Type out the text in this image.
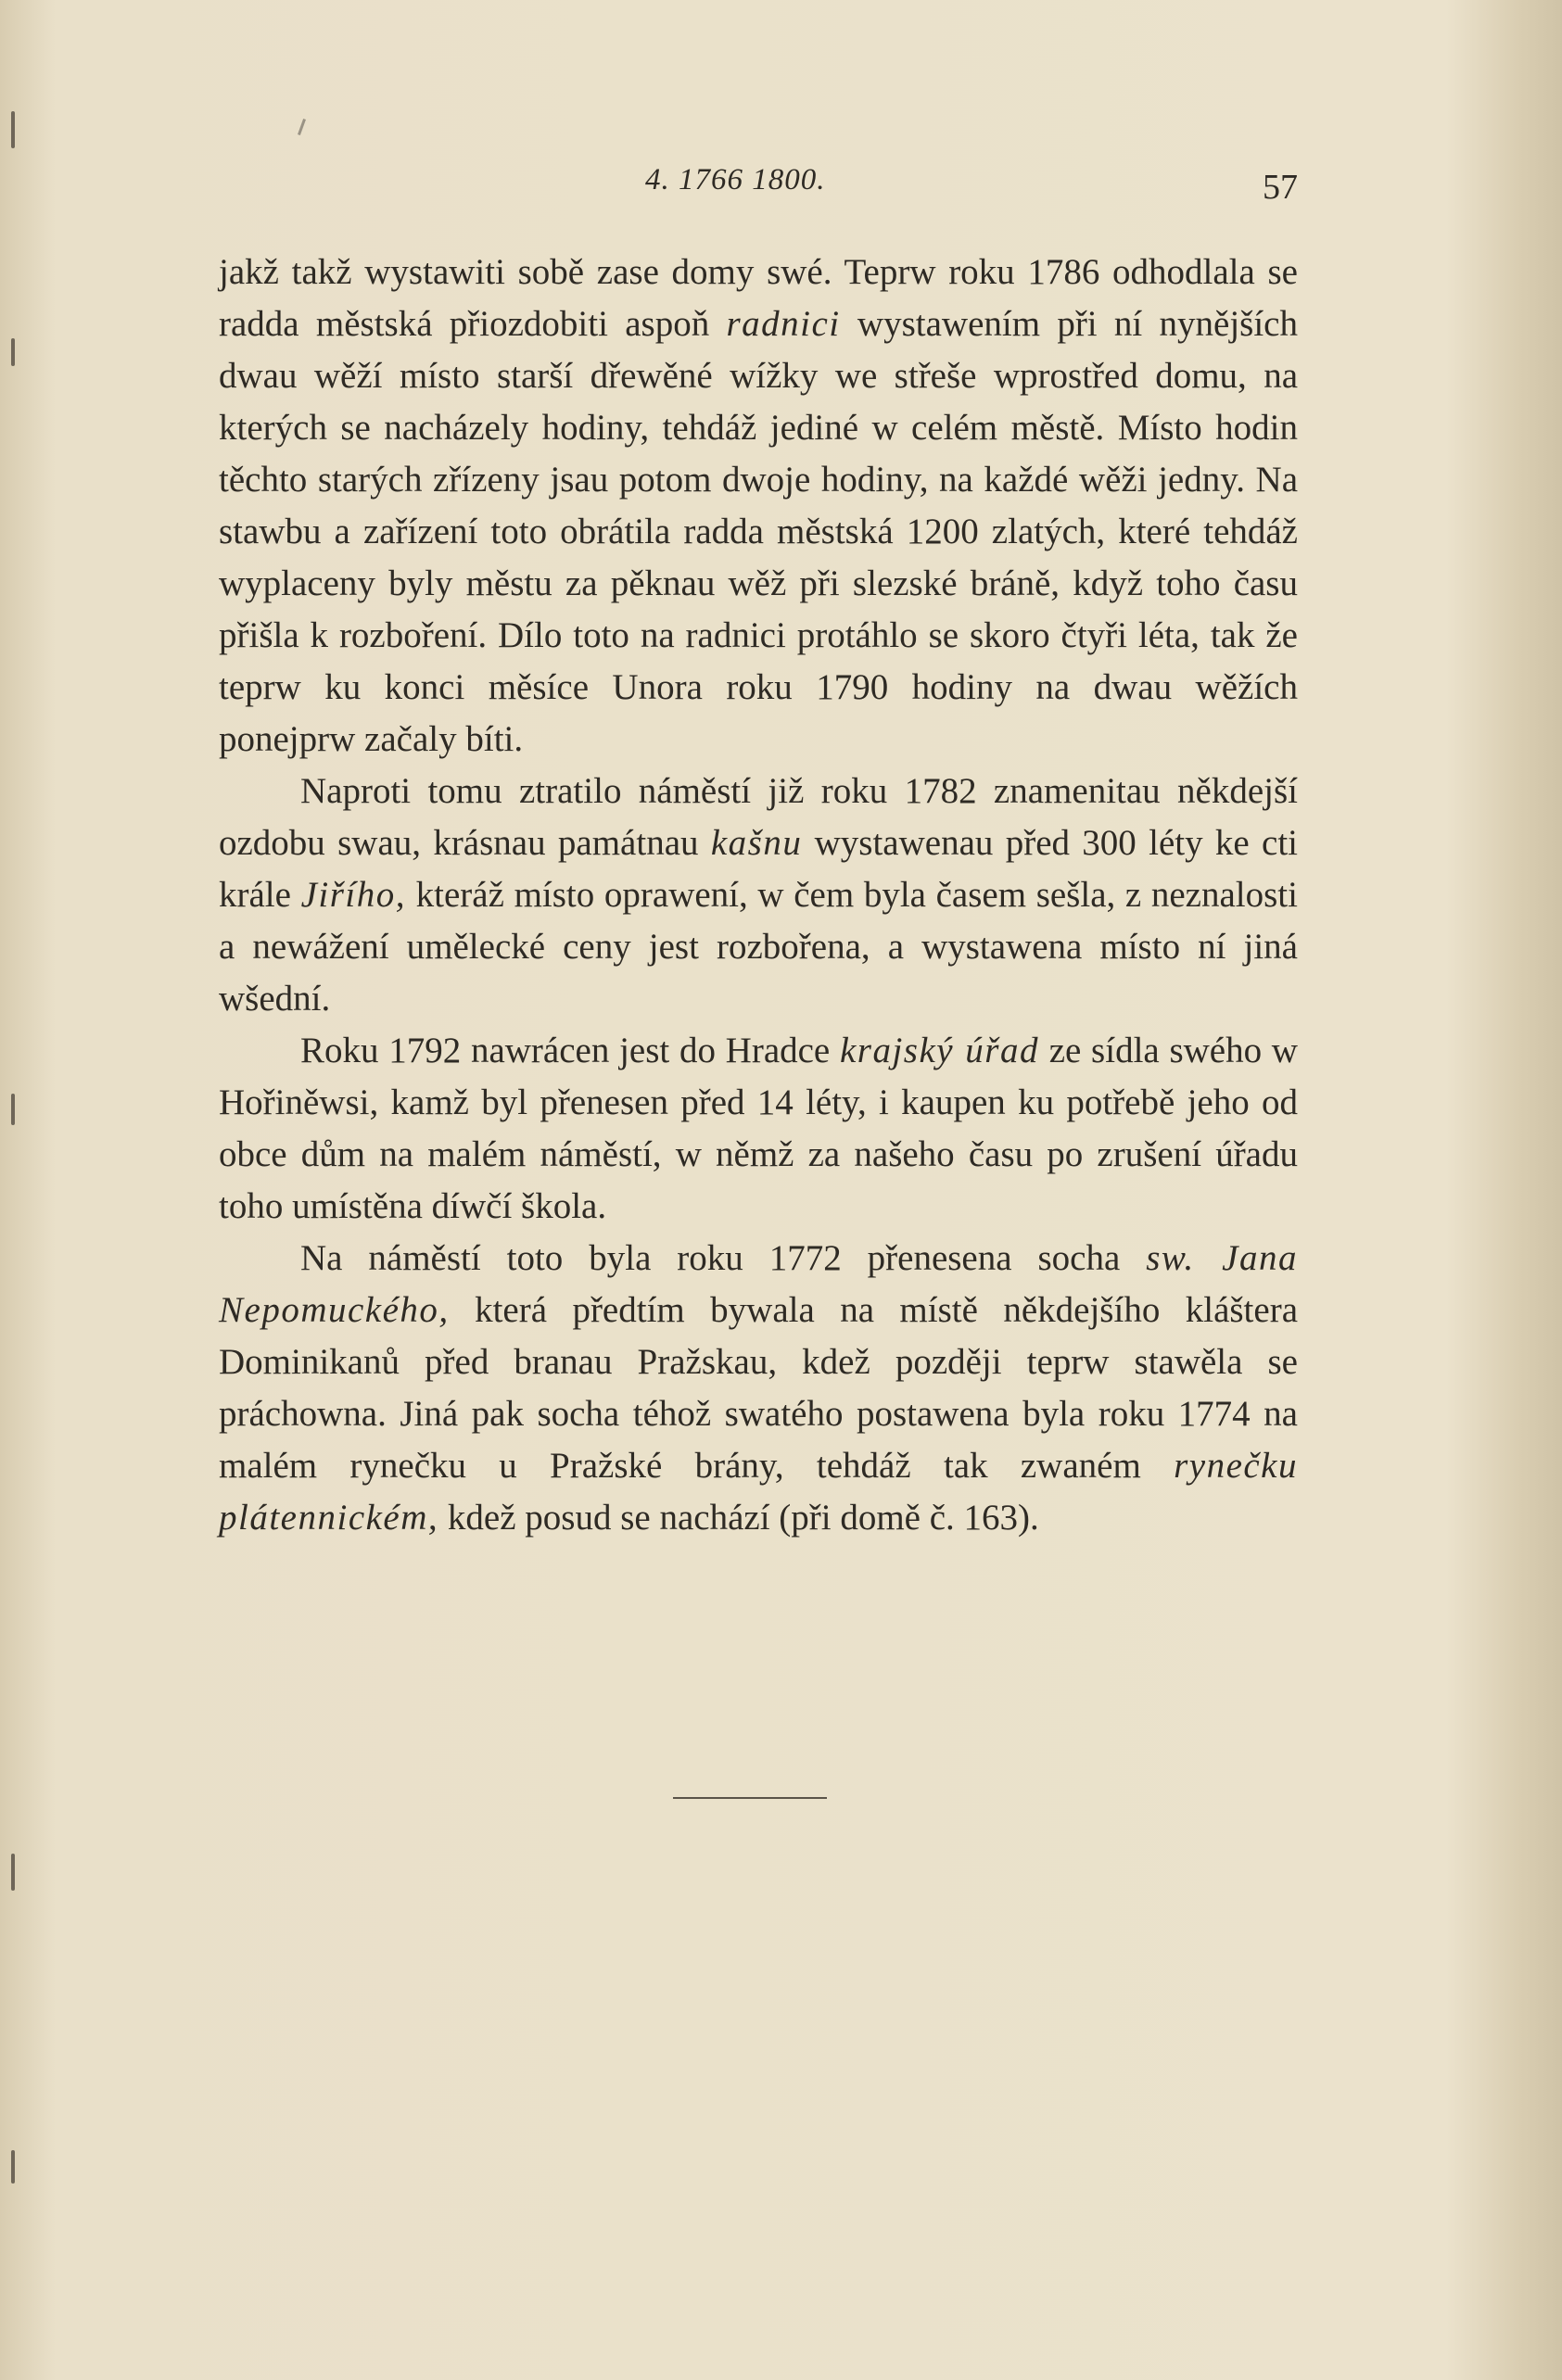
4. 1766 1800.	57

jakž takž wystawiti sobě zase domy swé. Teprw roku 1786 odhodlala se radda městská přiozdobiti aspoň radnici wystawením při ní nynějších dwau wěží místo starší dřewěné wížky we střeše wprostřed domu, na kterých se nacházely hodiny, tehdáž jediné w celém městě. Místo hodin těchto starých zřízeny jsau potom dwoje hodiny, na každé wěži jedny. Na stawbu a zařízení toto obrátila radda městská 1200 zlatých, které tehdáž wyplaceny byly městu za pěknau wěž při slezské bráně, když toho času přišla k rozboření. Dílo toto na radnici protáhlo se skoro čtyři léta, tak že teprw ku konci měsíce Unora roku 1790 hodiny na dwau wěžích ponejprw začaly bíti.

Naproti tomu ztratilo náměstí již roku 1782 znamenitau někdejší ozdobu swau, krásnau památnau kašnu wystawenau před 300 léty ke cti krále Jiřího, kteráž místo oprawení, w čem byla časem sešla, z neznalosti a newážení umělecké ceny jest rozbořena, a wystawena místo ní jiná wšední.

Roku 1792 nawrácen jest do Hradce krajský úřad ze sídla swého w Hořiněwsi, kamž byl přenesen před 14 léty, i kaupen ku potřebě jeho od obce dům na malém náměstí, w němž za našeho času po zrušení úřadu toho umístěna díwčí škola.

Na náměstí toto byla roku 1772 přenesena socha sw. Jana Nepomuckého, která předtím bywala na místě někdejšího kláštera Dominikanů před branau Pražskau, kdež později teprw stawěla se práchowna. Jiná pak socha téhož swatého postawena byla roku 1774 na malém rynečku u Pražské brány, tehdáž tak zwaném rynečku plátennickém, kdež posud se nachází (při domě č. 163).
